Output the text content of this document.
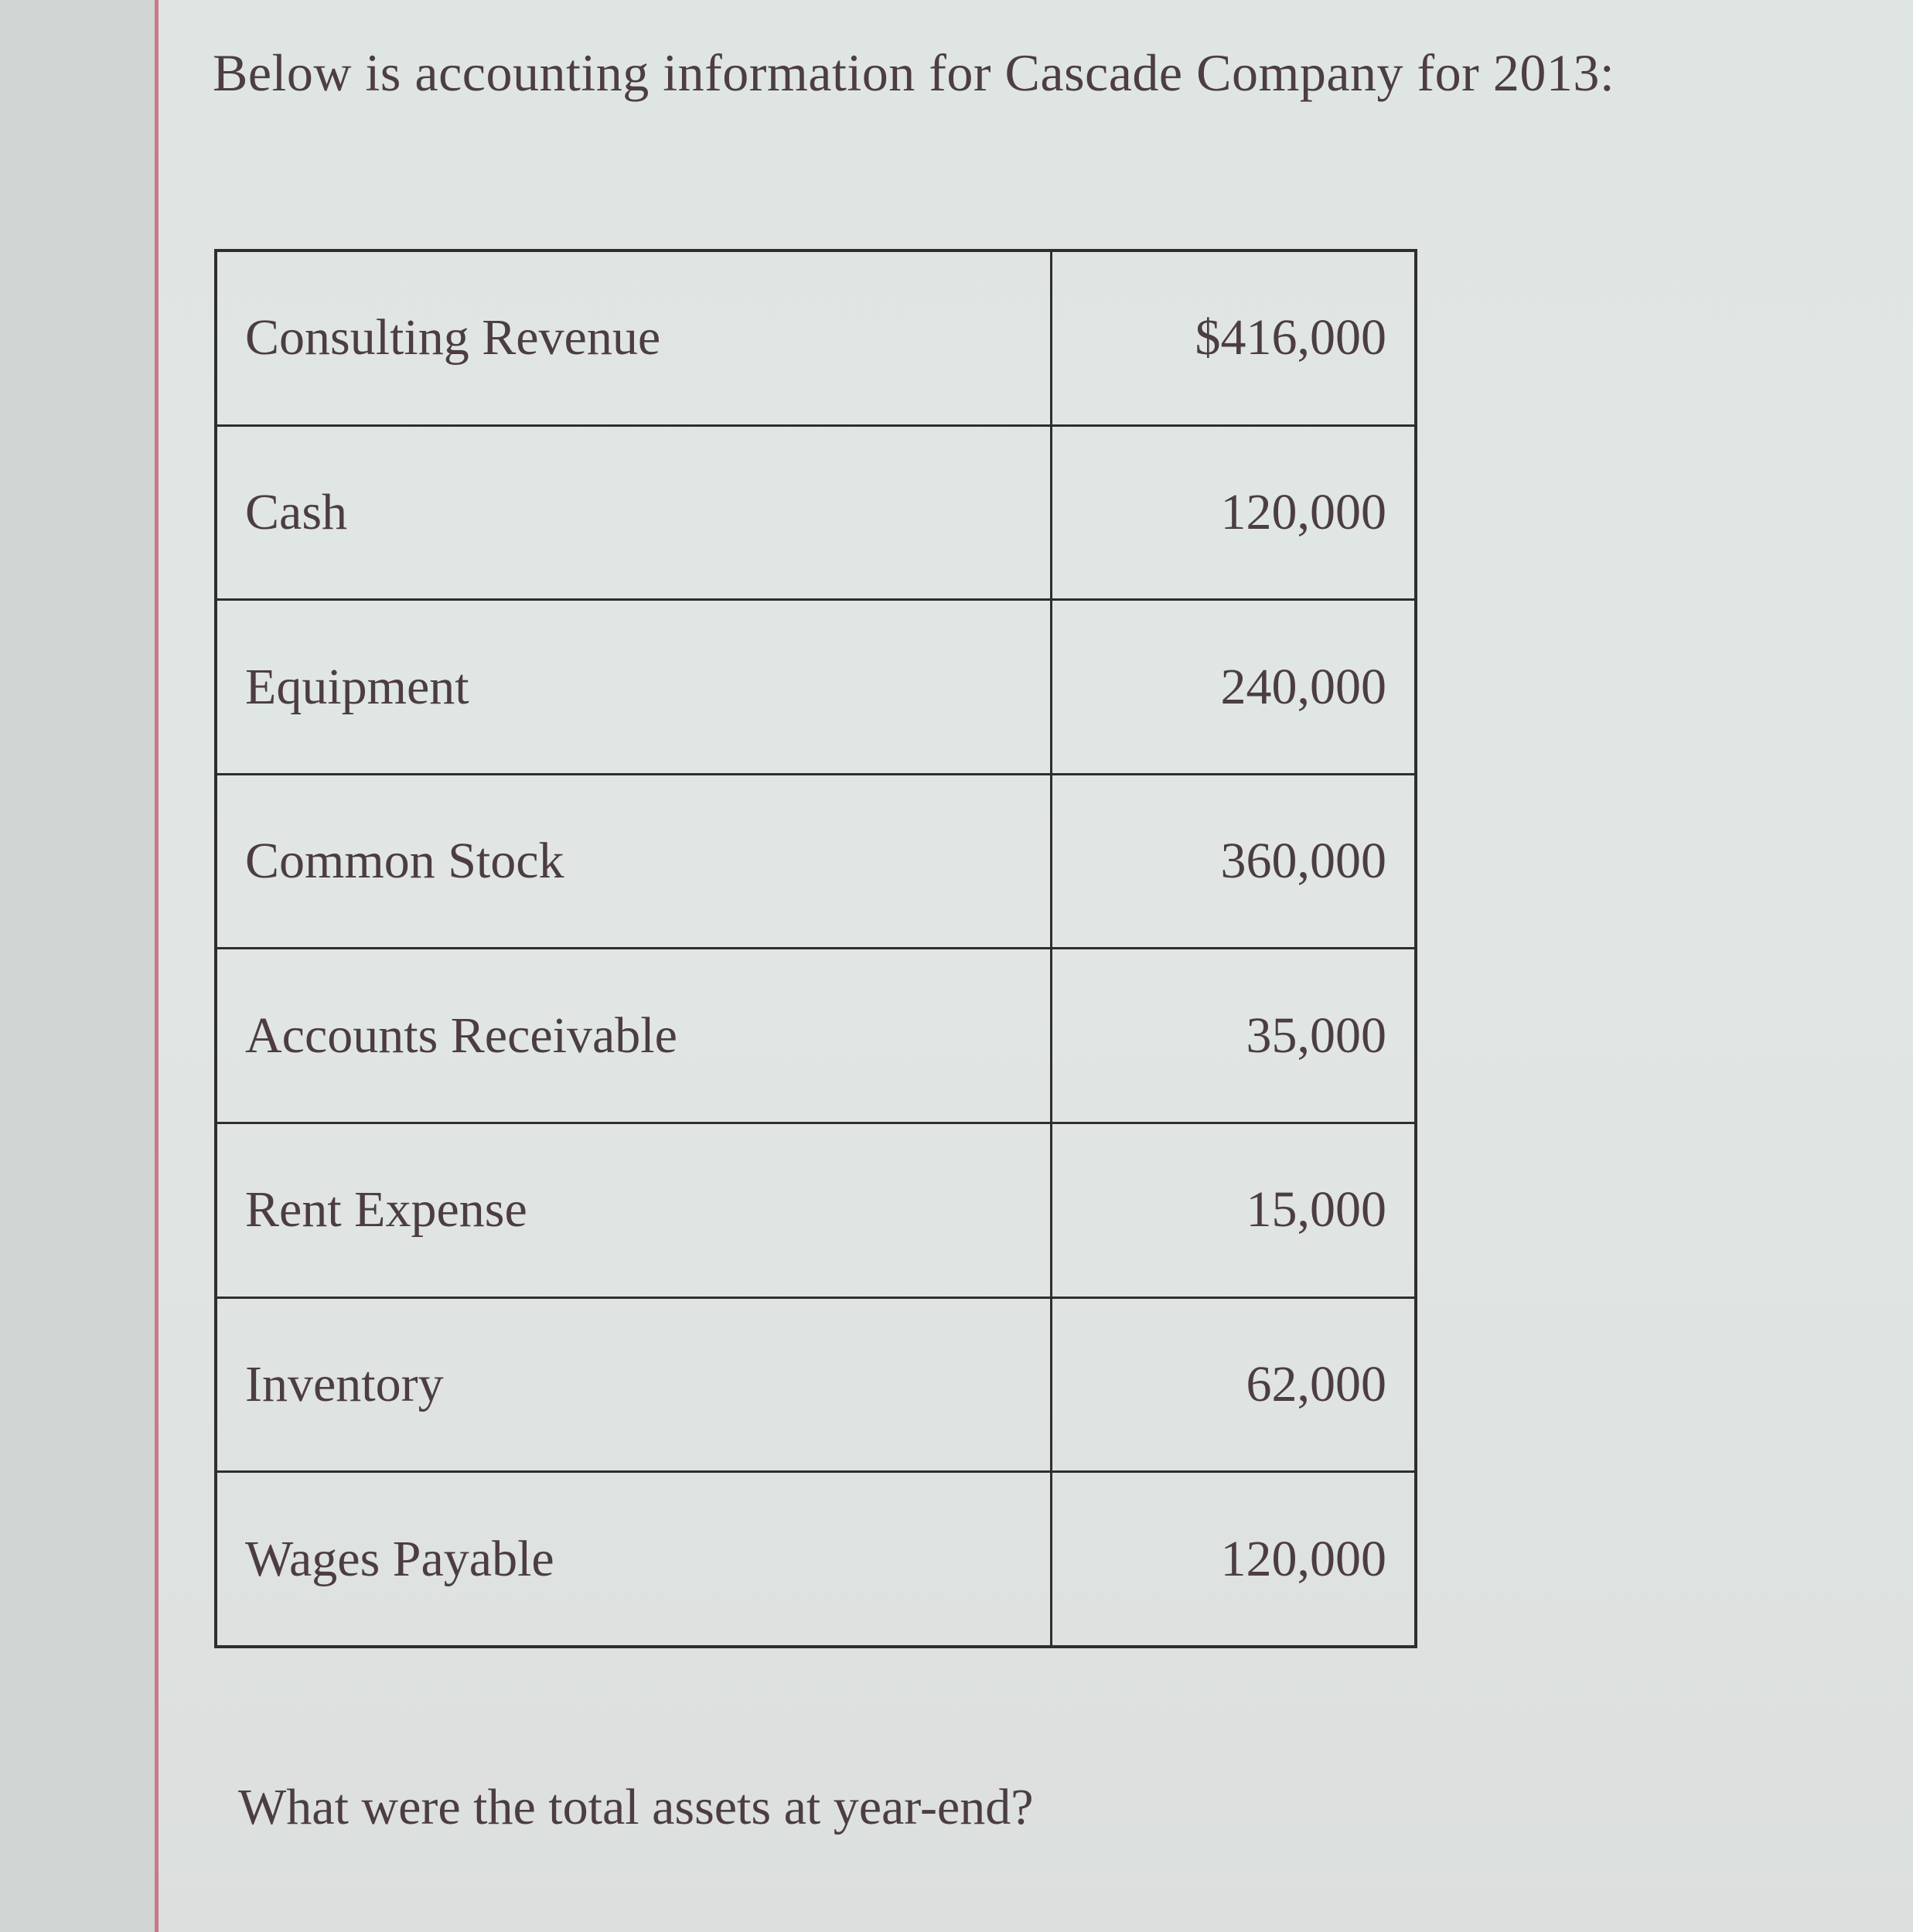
Below is accounting information for Cascade Company for 2013:

Consulting Revenue	$416,000
Cash	120,000
Equipment	240,000
Common Stock	360,000
Accounts Receivable	35,000
Rent Expense	15,000
Inventory	62,000
Wages Payable	120,000

What were the total assets at year-end?
